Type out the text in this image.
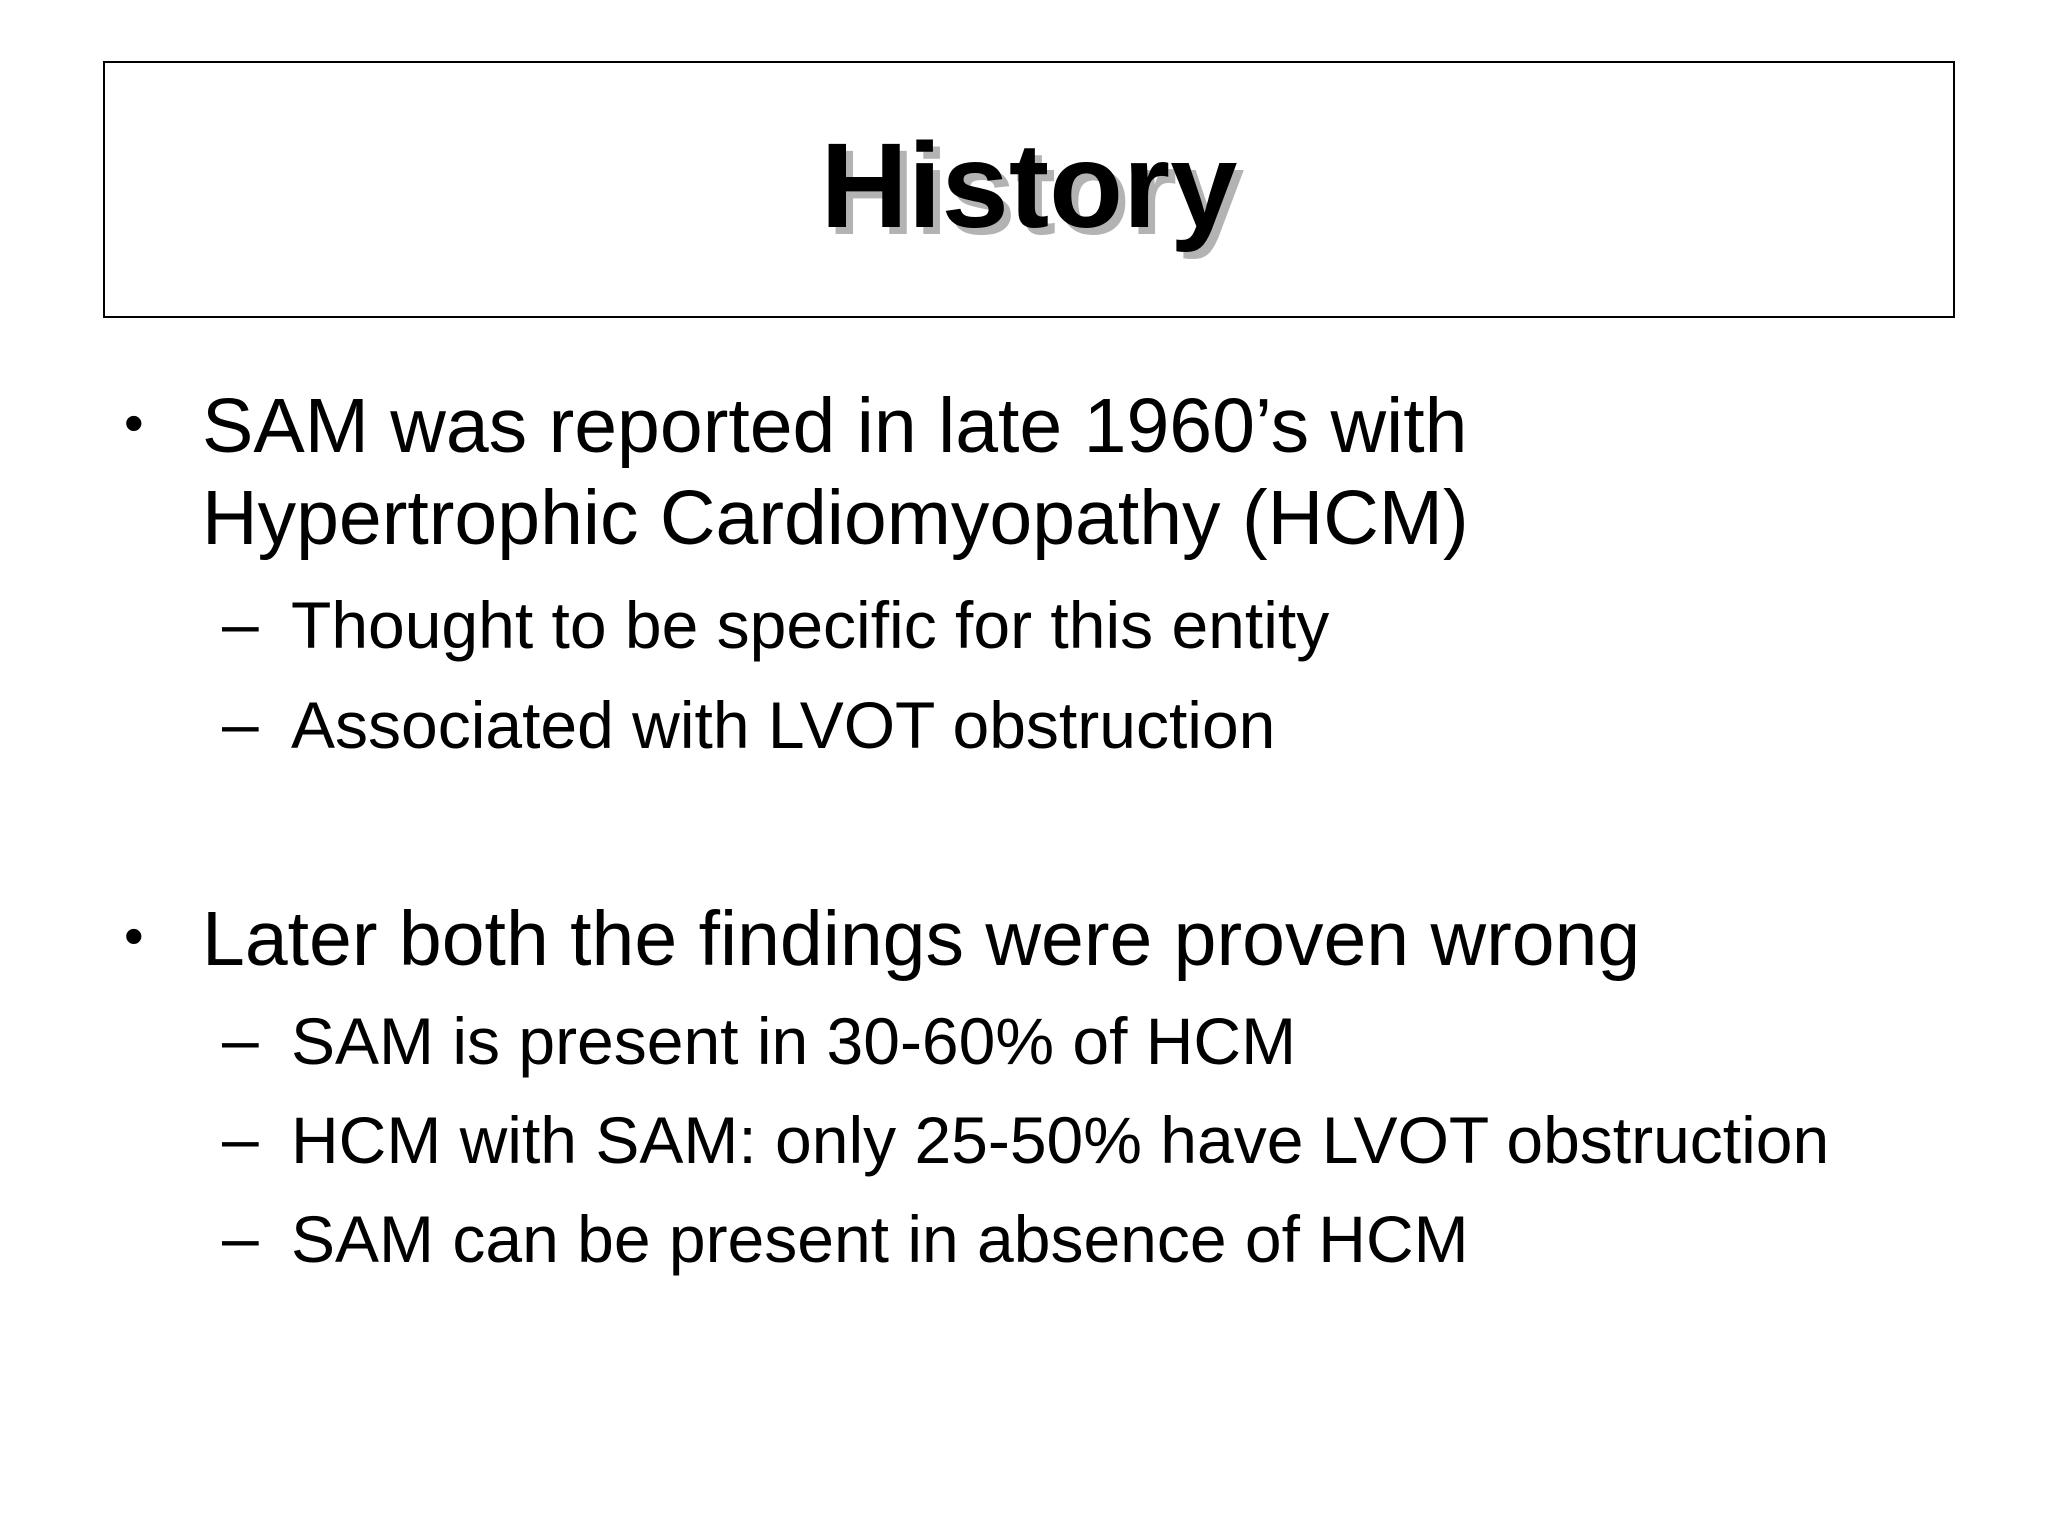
History
• SAM was reported in late 1960’s with
Hypertrophic Cardiomyopathy (HCM)
– Thought to be specific for this entity
– Associated with LVOT obstruction
• Later both the findings were proven wrong
– SAM is present in 30-60% of HCM
– HCM with SAM: only 25-50% have LVOT obstruction
– SAM can be present in absence of HCM
